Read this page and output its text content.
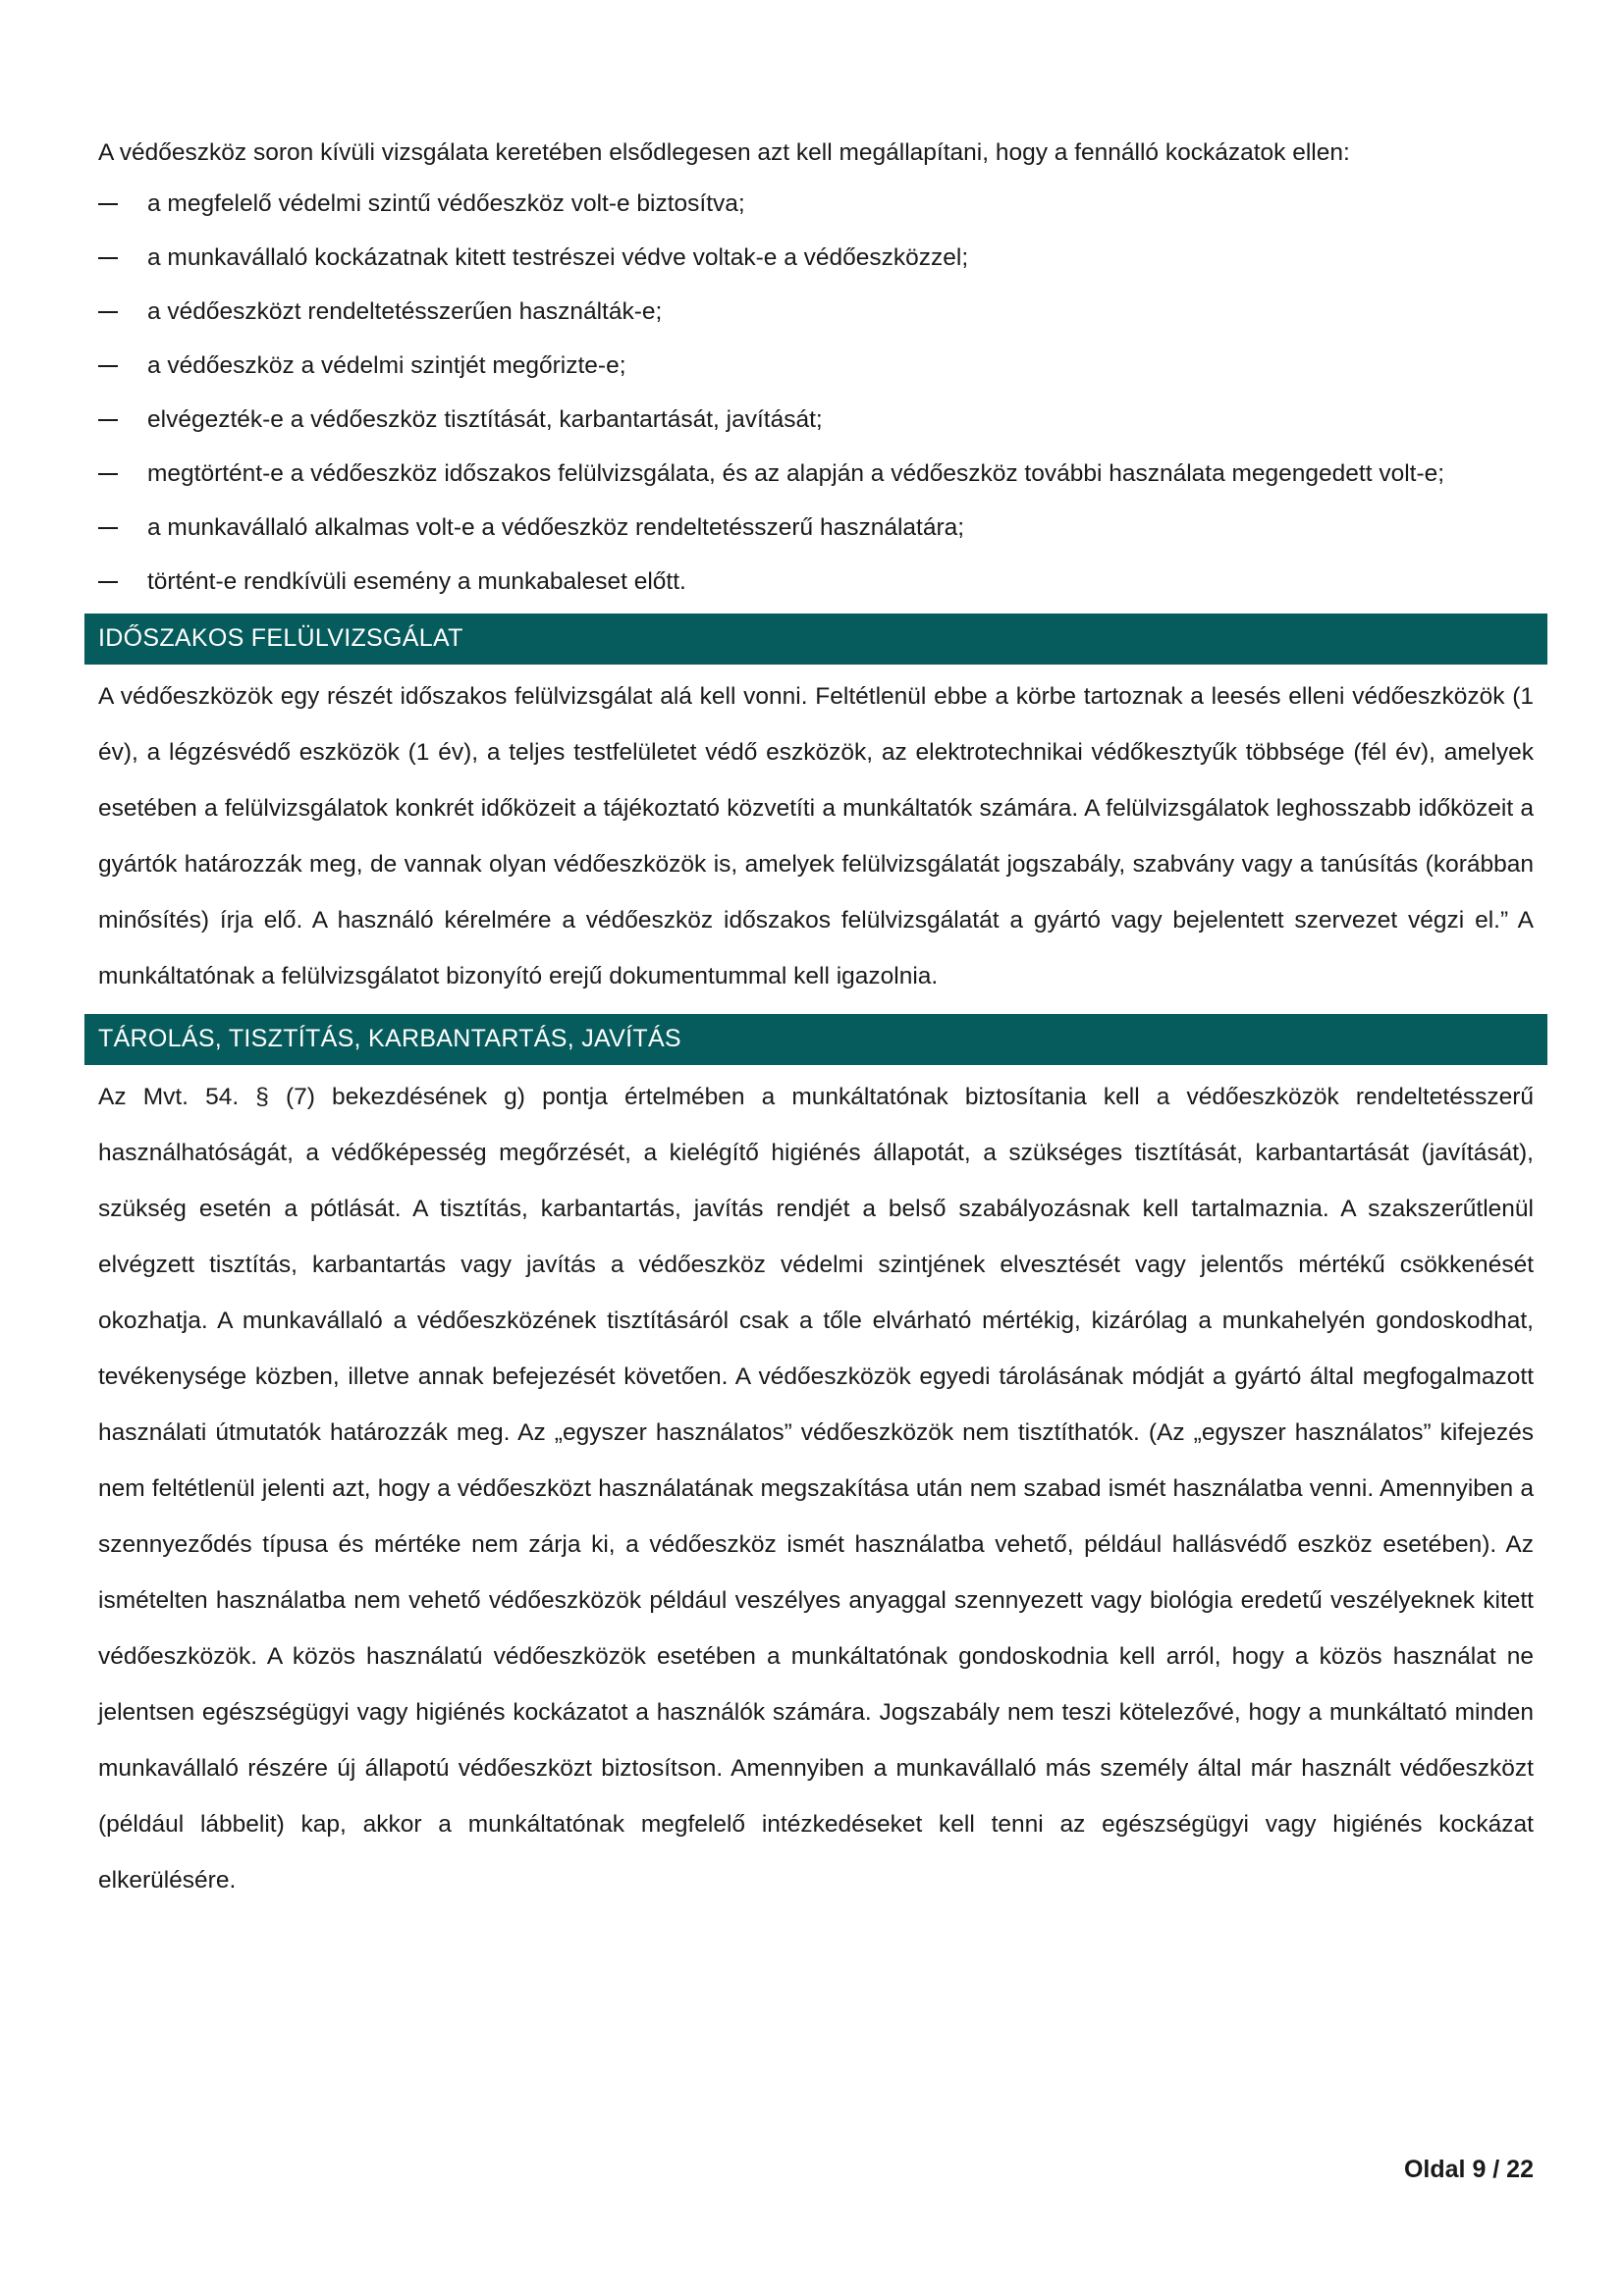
A védőeszköz soron kívüli vizsgálata keretében elsődlegesen azt kell megállapítani, hogy a fennálló kockázatok ellen:

a megfelelő védelmi szintű védőeszköz volt-e biztosítva;
a munkavállaló kockázatnak kitett testrészei védve voltak-e a védőeszközzel;
a védőeszközt rendeltetésszerűen használták-e;
a védőeszköz a védelmi szintjét megőrizte-e;
elvégezték-e a védőeszköz tisztítását, karbantartását, javítását;
megtörtént-e a védőeszköz időszakos felülvizsgálata, és az alapján a védőeszköz további használata megengedett volt-e;
a munkavállaló alkalmas volt-e a védőeszköz rendeltetésszerű használatára;
történt-e rendkívüli esemény a munkabaleset előtt.
IDŐSZAKOS FELÜLVIZSGÁLAT

A védőeszközök egy részét időszakos felülvizsgálat alá kell vonni. Feltétlenül ebbe a körbe tartoznak a leesés elleni védőeszközök (1 év), a légzésvédő eszközök (1 év), a teljes testfelületet védő eszközök, az elektrotechnikai védőkesztyűk többsége (fél év), amelyek esetében a felülvizsgálatok konkrét időközeit a tájékoztató közvetíti a munkáltatók számára. A felülvizsgálatok leghosszabb időközeit a gyártók határozzák meg, de vannak olyan védőeszközök is, amelyek felülvizsgálatát jogszabály, szabvány vagy a tanúsítás (korábban minősítés) írja elő. A használó kérelmére a védőeszköz időszakos felülvizsgálatát a gyártó vagy bejelentett szervezet végzi el.” A munkáltatónak a felülvizsgálatot bizonyító erejű dokumentummal kell igazolnia.

TÁROLÁS, TISZTÍTÁS, KARBANTARTÁS, JAVÍTÁS

Az Mvt. 54. § (7) bekezdésének g) pontja értelmében a munkáltatónak biztosítania kell a védőeszközök rendeltetésszerű használhatóságát, a védőképesség megőrzését, a kielégítő higiénés állapotát, a szükséges tisztítását, karbantartását (javítását), szükség esetén a pótlását. A tisztítás, karbantartás, javítás rendjét a belső szabályozásnak kell tartalmaznia. A szakszerűtlenül elvégzett tisztítás, karbantartás vagy javítás a védőeszköz védelmi szintjének elvesztését vagy jelentős mértékű csökkenését okozhatja. A munkavállaló a védőeszközének tisztításáról csak a tőle elvárható mértékig, kizárólag a munkahelyén gondoskodhat, tevékenysége közben, illetve annak befejezését követően. A védőeszközök egyedi tárolásának módját a gyártó által megfogalmazott használati útmutatók határozzák meg. Az „egyszer használatos” védőeszközök nem tisztíthatók. (Az „egyszer használatos” kifejezés nem feltétlenül jelenti azt, hogy a védőeszközt használatának megszakítása után nem szabad ismét használatba venni. Amennyiben a szennyeződés típusa és mértéke nem zárja ki, a védőeszköz ismét használatba vehető, például hallásvédő eszköz esetében). Az ismételten használatba nem vehető védőeszközök például veszélyes anyaggal szennyezett vagy biológia eredetű veszélyeknek kitett védőeszközök. A közös használatú védőeszközök esetében a munkáltatónak gondoskodnia kell arról, hogy a közös használat ne jelentsen egészségügyi vagy higiénés kockázatot a használók számára. Jogszabály nem teszi kötelezővé, hogy a munkáltató minden munkavállaló részére új állapotú védőeszközt biztosítson. Amennyiben a munkavállaló más személy által már használt védőeszközt (például lábbelit) kap, akkor a munkáltatónak megfelelő intézkedéseket kell tenni az egészségügyi vagy higiénés kockázat elkerülésére.

Oldal 9 / 22
